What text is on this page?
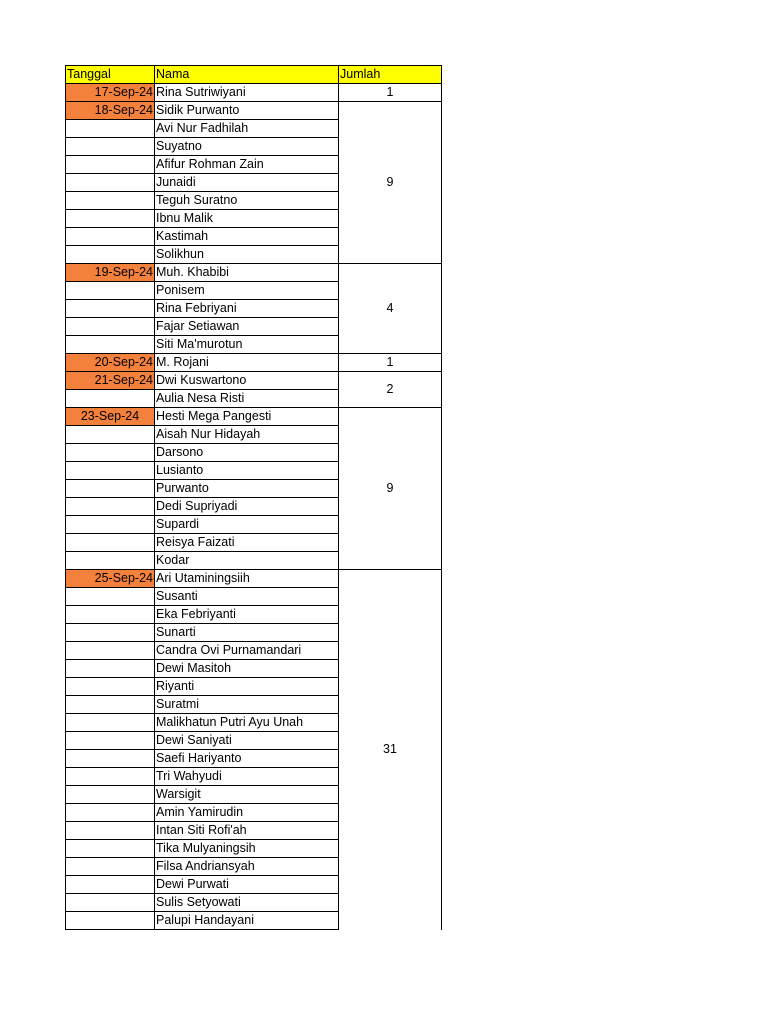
Tanggal	Nama	Jumlah
17-Sep-24	Rina Sutriwiyani	1
18-Sep-24	Sidik Purwanto	9
	Avi Nur Fadhilah	
	Suyatno	
	Afifur Rohman Zain	
	Junaidi	
	Teguh Suratno	
	Ibnu Malik	
	Kastimah	
	Solikhun	
19-Sep-24	Muh. Khabibi	4
	Ponisem	
	Rina Febriyani	
	Fajar Setiawan	
	Siti Ma'murotun	
20-Sep-24	M. Rojani	1
21-Sep-24	Dwi Kuswartono	2
	Aulia Nesa Risti	
23-Sep-24	Hesti Mega Pangesti	9
	Aisah Nur Hidayah	
	Darsono	
	Lusianto	
	Purwanto	
	Dedi Supriyadi	
	Supardi	
	Reisya Faizati	
	Kodar	
25-Sep-24	Ari Utaminingsiih	31
	Susanti	
	Eka Febriyanti	
	Sunarti	
	Candra Ovi Purnamandari	
	Dewi Masitoh	
	Riyanti	
	Suratmi	
	Malikhatun Putri Ayu Unah	
	Dewi Saniyati	
	Saefi Hariyanto	
	Tri Wahyudi	
	Warsigit	
	Amin Yamirudin	
	Intan Siti Rofi'ah	
	Tika Mulyaningsih	
	Filsa Andriansyah	
	Dewi Purwati	
	Sulis Setyowati	
	Palupi Handayani	
